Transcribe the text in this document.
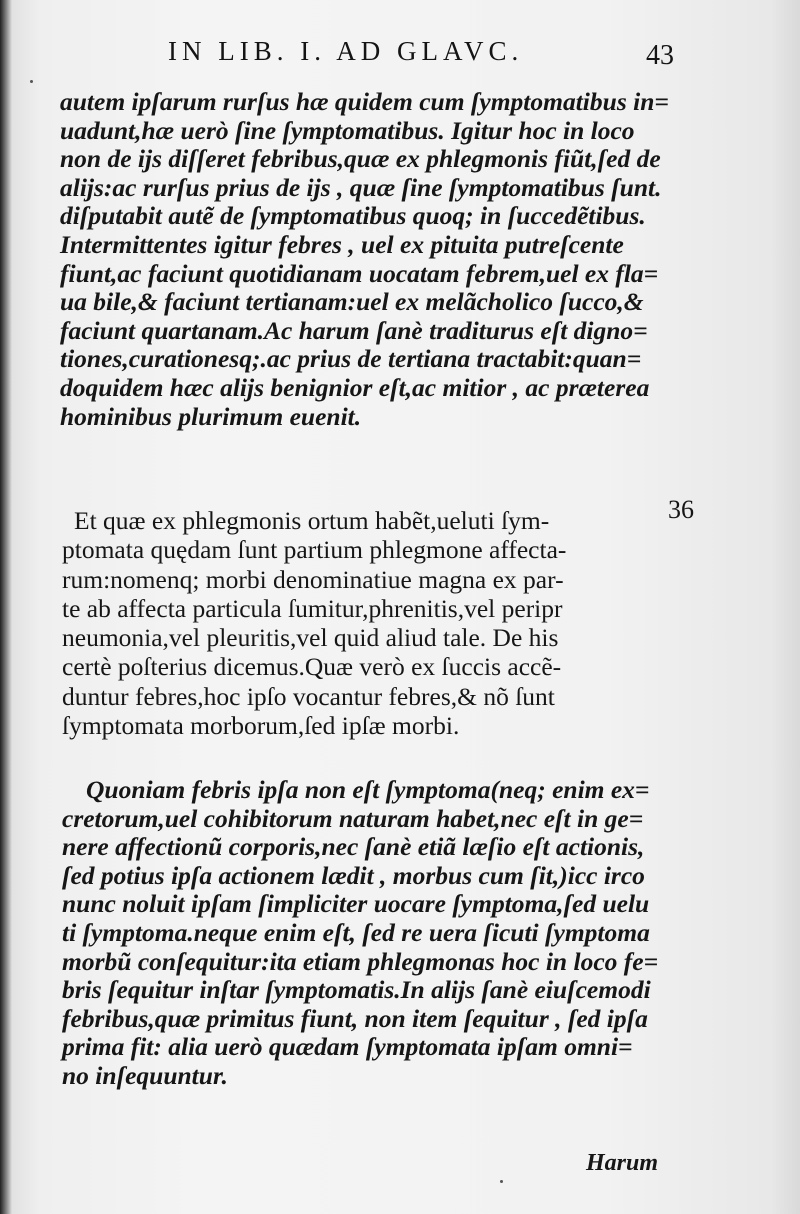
IN LIB. I. AD GLAVC.	43
autem ipſarum rurſus hæ quidem cum ſymptomatibus in=
uadunt,hæ uerò ſine ſymptomatibus. Igitur hoc in loco
non de ijs diſſeret febribus,quæ ex phlegmonis fiũt,ſed de
alijs:ac rurſus prius de ijs , quæ ſine ſymptomatibus ſunt.
diſputabit autẽ de ſymptomatibus quoq; in ſuccedẽtibus.
Intermittentes igitur febres , uel ex pituita putreſcente
fiunt,ac faciunt quotidianam uocatam febrem,uel ex fla=
ua bile,& faciunt tertianam:uel ex melãcholico ſucco,&
faciunt quartanam.Ac harum ſanè traditurus eſt digno=
tiones,curationesq;.ac prius de tertiana tractabit:quan=
doquidem hæc alijs benignior eſt,ac mitior , ac præterea
hominibus plurimum euenit.
Et quæ ex phlegmonis ortum habẽt,ueluti ſym-
ptomata quędam ſunt partium phlegmone affecta-
rum:nomenq; morbi denominatiue magna ex par-
te ab affecta particula ſumitur,phrenitis,vel peripr
neumonia,vel pleuritis,vel quid aliud tale. De his
certè poſterius dicemus.Quæ verò ex ſuccis accẽ-
duntur febres,hoc ipſo vocantur febres,& nõ ſunt
ſymptomata morborum,ſed ipſæ morbi.
36
Quoniam febris ipſa non eſt ſymptoma(neq; enim ex=
cretorum,uel cohibitorum naturam habet,nec eſt in ge=
nere affectionũ corporis,nec ſanè etiã læſio eſt actionis,
ſed potius ipſa actionem lædit , morbus cum ſit,)icc irco
nunc noluit ipſam ſimpliciter uocare ſymptoma,ſed uelu
ti ſymptoma.neque enim eſt, ſed re uera ſicuti ſymptoma
morbũ conſequitur:ita etiam phlegmonas hoc in loco fe=
bris ſequitur inſtar ſymptomatis.In alijs ſanè eiuſcemodi
febribus,quæ primitus fiunt, non item ſequitur , ſed ipſa
prima fit: alia uerò quædam ſymptomata ipſam omni=
no inſequuntur.
Harum
